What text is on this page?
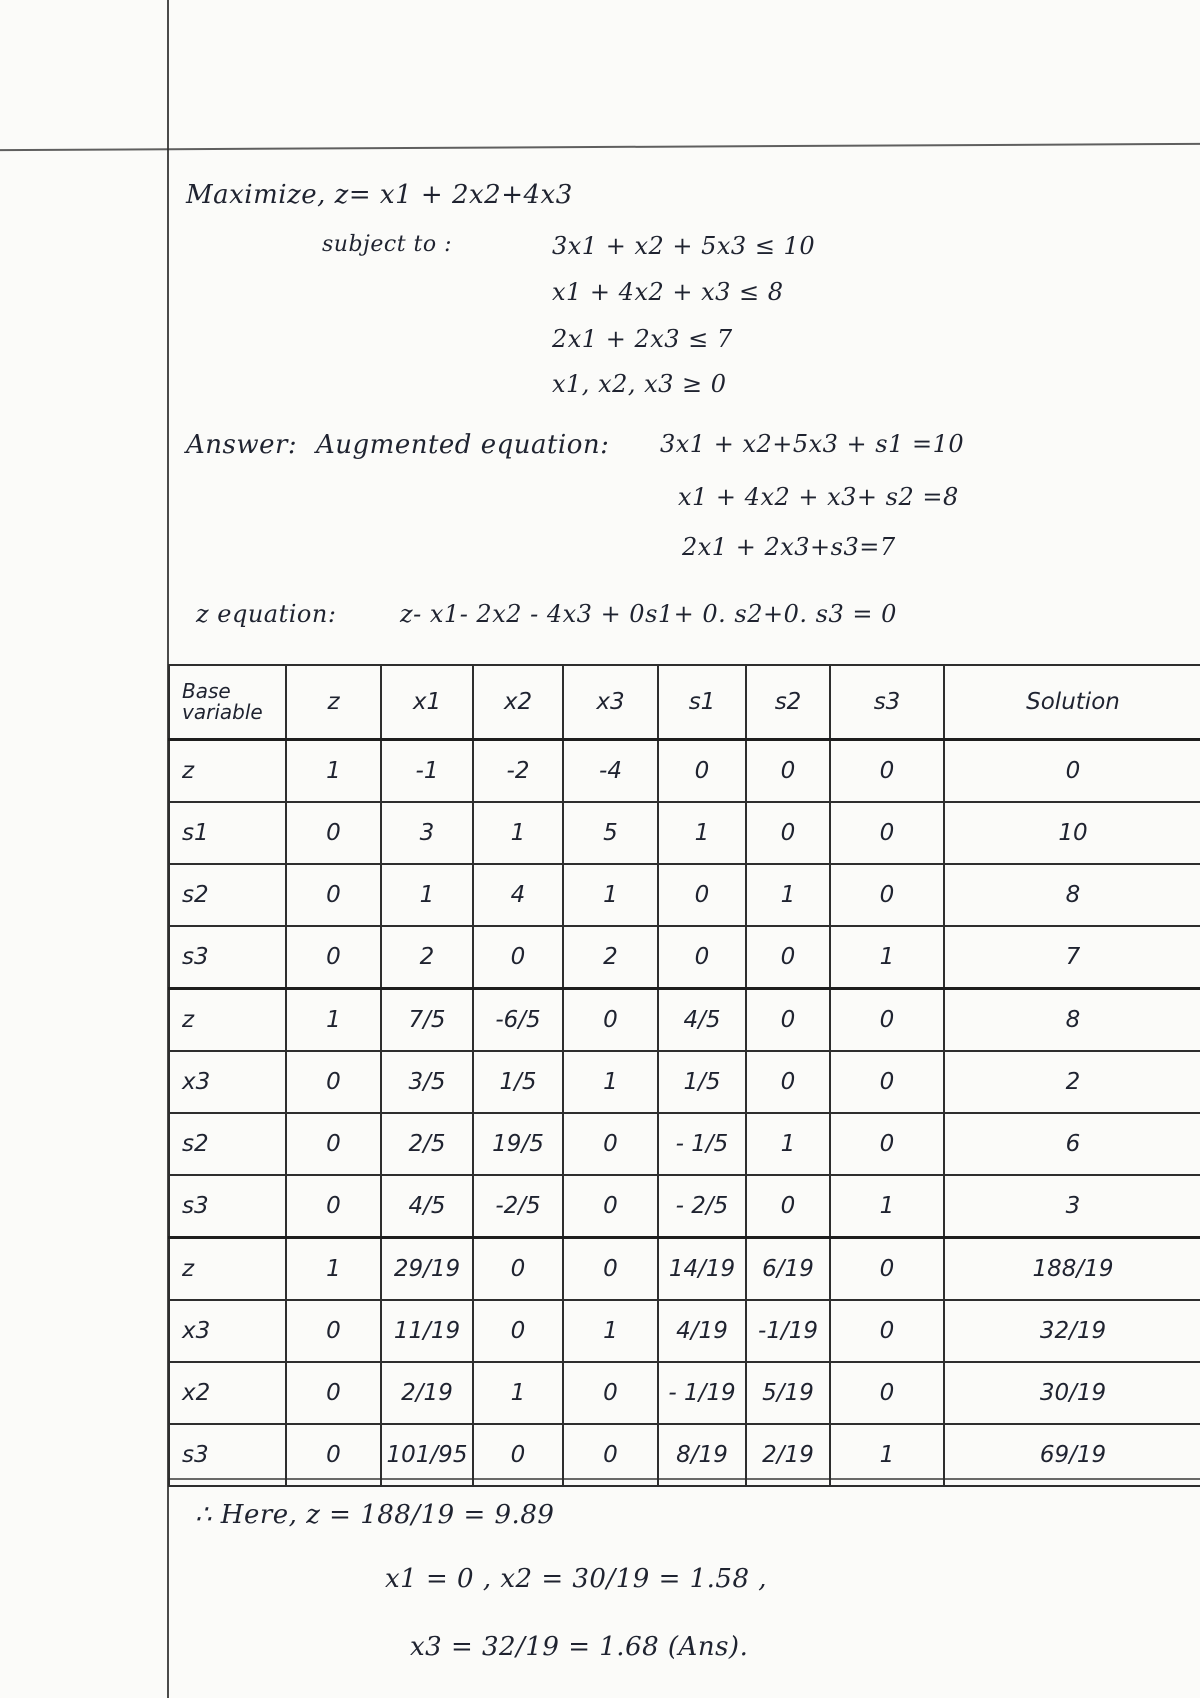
Maximize, z= x1 + 2x2+4x3
subject to :	3x1 + x2 + 5x3 ≤ 10
x1 + 4x2 + x3 ≤ 8
2x1 + 2x3 ≤ 7
x1, x2, x3 ≥ 0
Answer: Augmented equation: 3x1 + x2+5x3 + s1 =10
x1 + 4x2 + x3+ s2 =8
2x1 + 2x3+s3=7
z equation:	z- x1- 2x2 - 4x3 + 0s1+ 0. s2+0. s3 = 0
Base variable	z	x1	x2	x3	s1	s2	s3	Solution
z	1	-1	-2	-4	0	0	0	0
s1	0	3	1	5	1	0	0	10
s2	0	1	4	1	0	1	0	8
s3	0	2	0	2	0	0	1	7
z	1	7/5	-6/5	0	4/5	0	0	8
x3	0	3/5	1/5	1	1/5	0	0	2
s2	0	2/5	19/5	0	- 1/5	1	0	6
s3	0	4/5	-2/5	0	- 2/5	0	1	3
z	1	29/19	0	0	14/19	6/19	0	188/19
x3	0	11/19	0	1	4/19	-1/19	0	32/19
x2	0	2/19	1	0	- 1/19	5/19	0	30/19
s3	0	101/95	0	0	8/19	2/19	1	69/19
∴ Here, z = 188/19 = 9.89
x1 = 0 , x2 = 30/19 = 1.58 ,
x3 = 32/19 = 1.68 (Ans).
